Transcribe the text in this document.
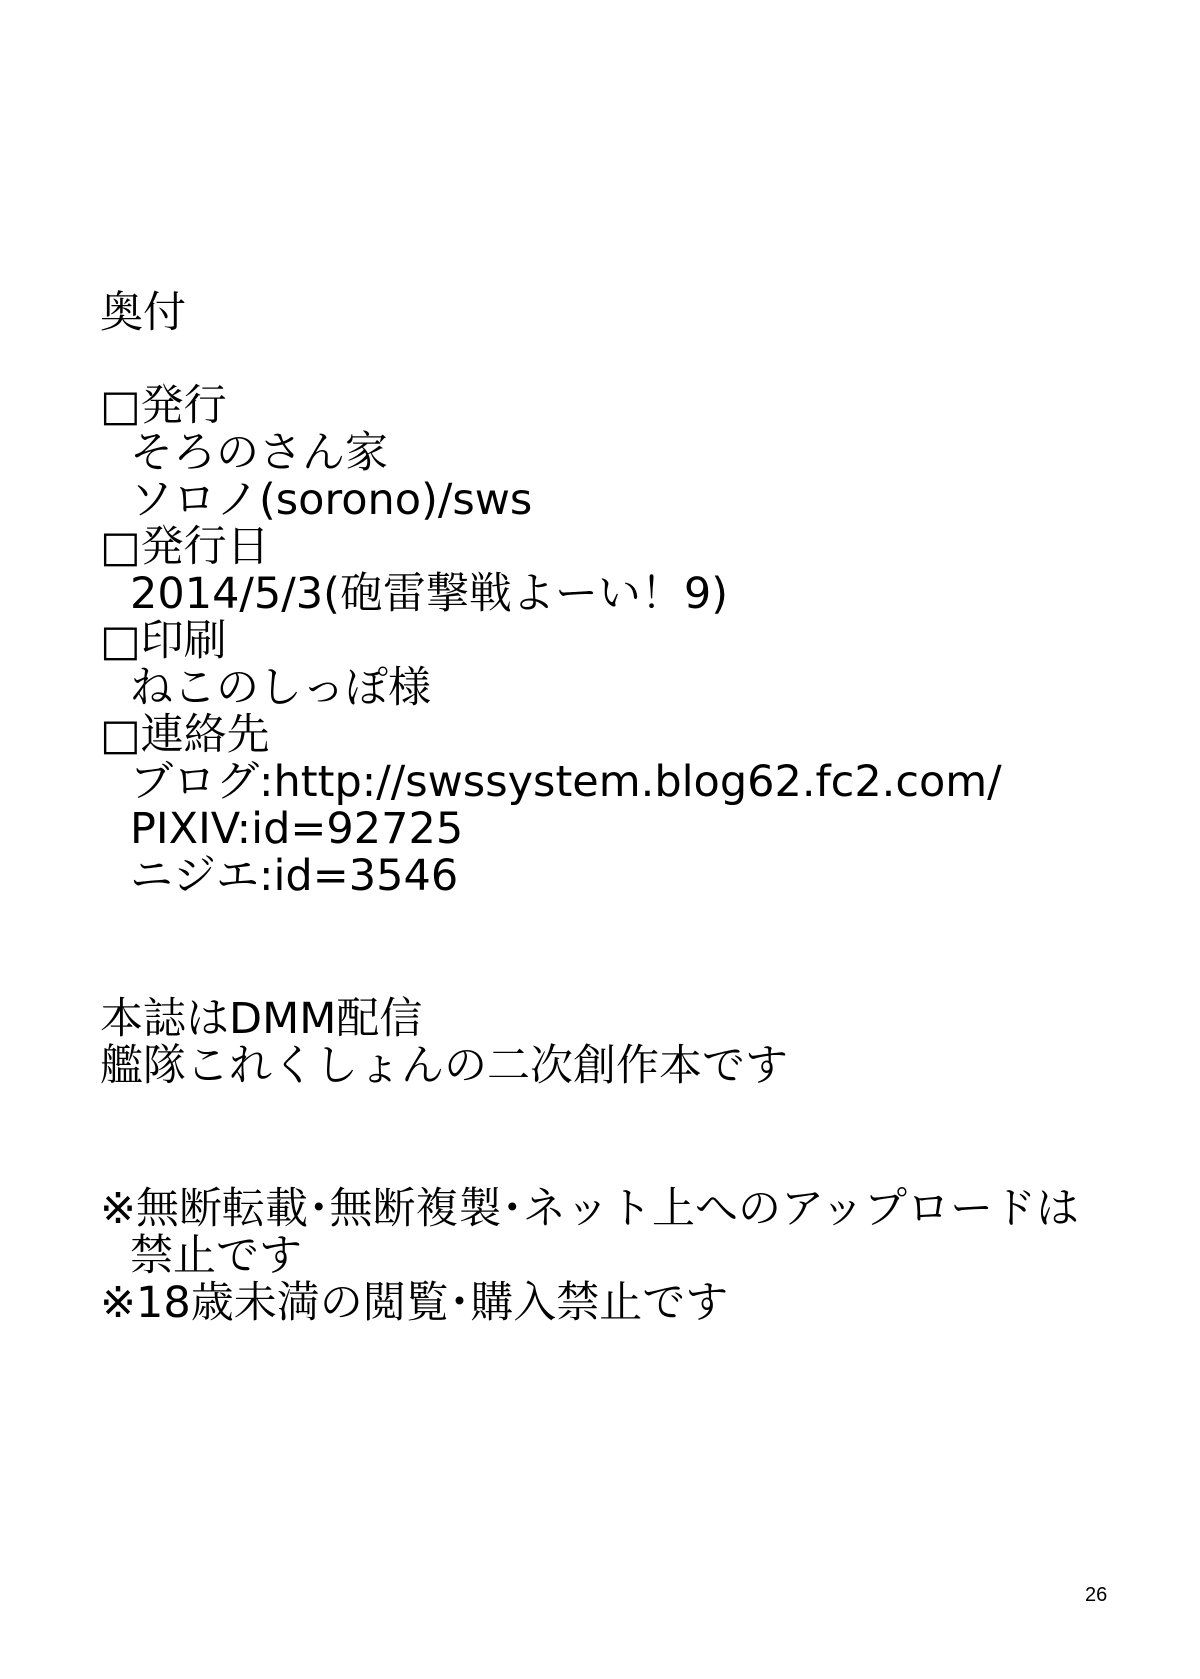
奥付
□発行
そろのさん家
ソロノ(sorono)/sws
□発行日
2014/5/3(砲雷撃戦よーい！9)
□印刷
ねこのしっぽ様
□連絡先
ブログ:http://swssystem.blog62.fc2.com/
PIXIV:id=92725
ニジエ:id=3546
本誌はDMM配信
艦隊これくしょんの二次創作本です
※無断転載･無断複製･ネット上へのアップロードは
禁止です
※18歳未満の閲覧･購入禁止です
26
